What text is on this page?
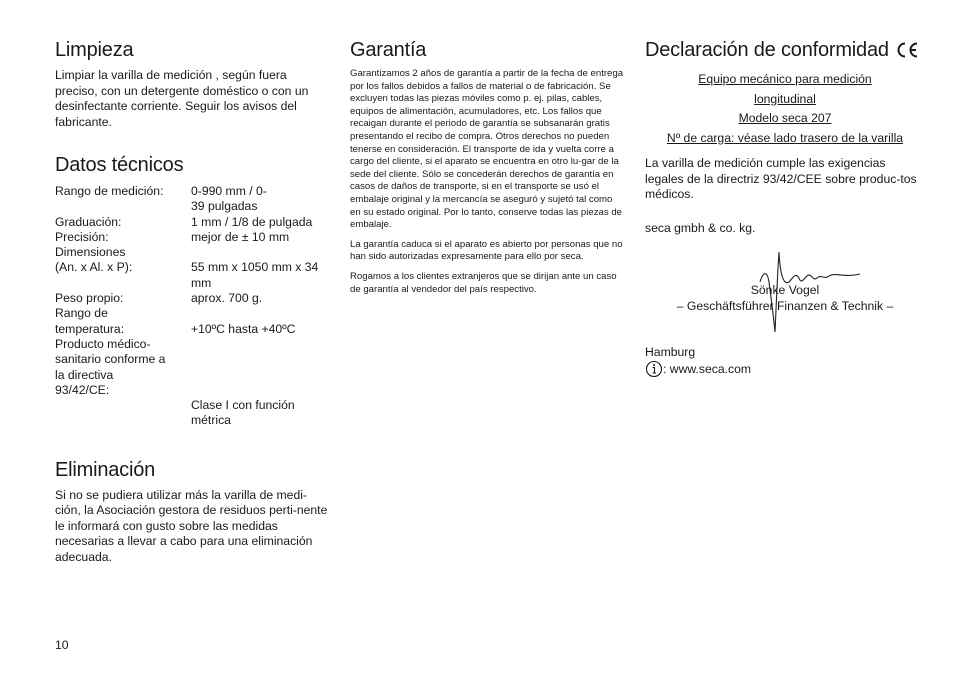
Limpieza

Limpiar la varilla de medición , según fuera preciso, con un detergente doméstico o con un desinfectante corriente. Seguir los avisos del fabricante.

Datos técnicos
Rango de medición:	0-990 mm / 0-39 pulgadas
Graduación:	1 mm / 1/8 de pulgada
Precisión:	mejor de ± 10 mm
Dimensiones (An. x Al. x P):	55 mm x 1050 mm x 34 mm
Peso propio:	aprox. 700 g.
Rango de temperatura:	+10ºC hasta +40ºC
Producto médico-sanitario conforme a la directiva 93/42/CE:
Clase I con función métrica
Eliminación

Si no se pudiera utilizar más la varilla de medi-ción, la Asociación gestora de residuos perti-nente le informará con gusto sobre las medidas necesarias a llevar a cabo para una eliminación adecuada.

Garantía

Garantizamos 2 años de garantía a partir de la fecha de entrega por los fallos debidos a fallos de material o de fabricación. Se excluyen todas las piezas móviles como p. ej. pilas, cables, equipos de alimentación, acumuladores, etc. Los fallos que recaigan durante el periodo de garantía se subsanarán gratis presentando el recibo de compra. Otros derechos no pueden tenerse en consideración. El transporte de ida y vuelta corre a cargo del cliente, si el aparato se encuentra en otro lu-gar de la sede del cliente. Sólo se concederán derechos de garantía en casos de daños de transporte, si en el transporte se usó el embalaje original y la mercancía se aseguró y sujetó tal como en su estado original. Por lo tanto, conserve todas las piezas de embalaje.

La garantía caduca si el aparato es abierto por personas que no han sido autorizadas expresamente para ello por seca.

Rogamos a los clientes extranjeros que se dirijan ante un caso de garantía al vendedor del país respectivo.

Declaración de conformidad
Equipo mecánico para medición
longitudinal
Modelo seca 207
Nº de carga: véase lado trasero de la varilla

La varilla de medición cumple las exigencias legales de la directriz 93/42/CEE sobre produc-tos médicos.

seca gmbh & co. kg.

Sönke Vogel
– Geschäftsführer Finanzen & Technik –
Hamburg
: www.seca.com
10
